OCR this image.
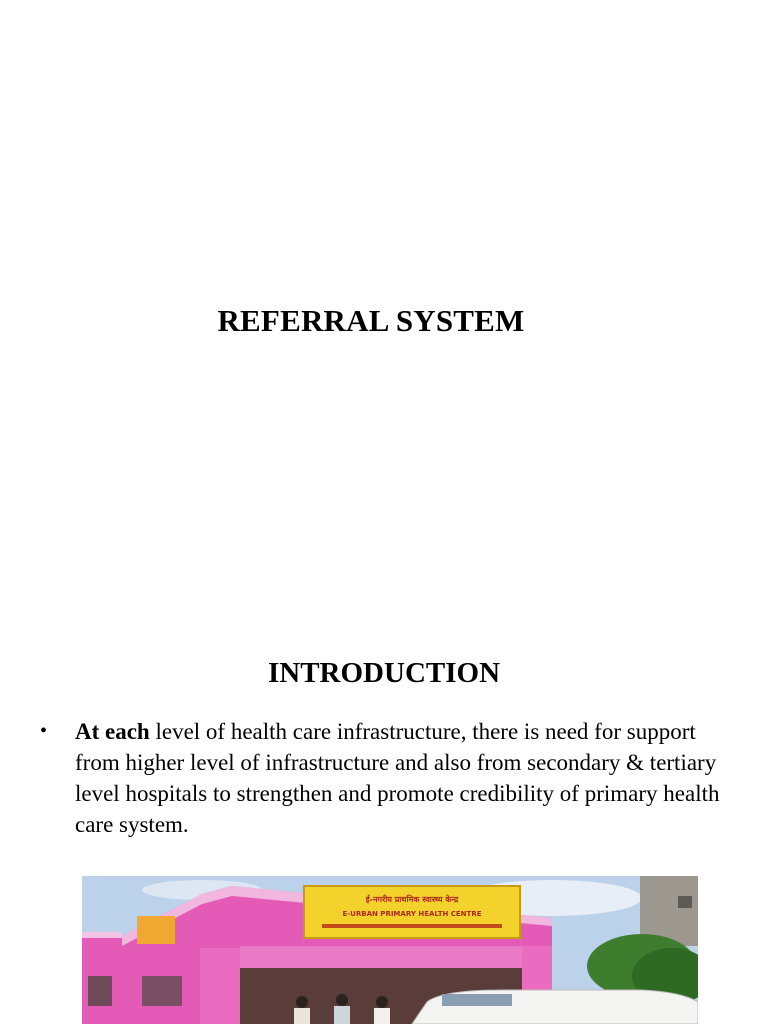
REFERRAL SYSTEM
INTRODUCTION
• At each level of health care infrastructure, there is need for support from higher level of infrastructure and also from secondary & tertiary level hospitals to strengthen and promote credibility of primary health care system.
ई-नगरीय प्राथमिक स्वास्थ्य केन्द्र
E-URBAN PRIMARY HEALTH CENTRE
